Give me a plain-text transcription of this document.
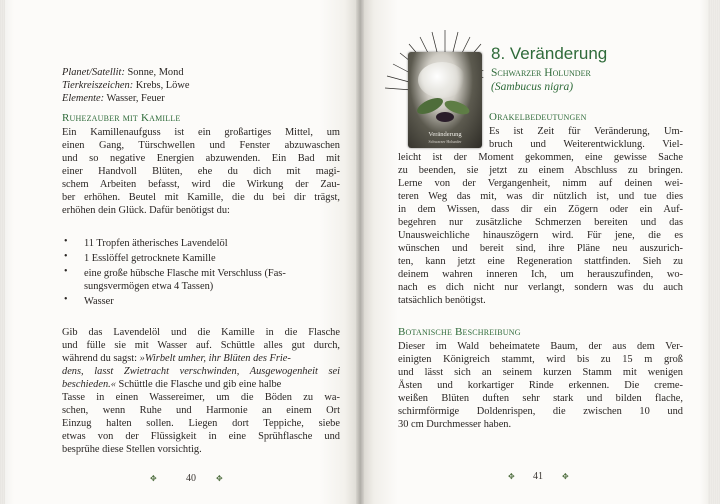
Planet/Satellit: Sonne, Mond
Tierkreiszeichen: Krebs, Löwe
Elemente: Wasser, Feuer
Ruhezauber mit Kamille
Ein Kamillenaufguss ist ein großartiges Mittel, um
einen Gang, Türschwellen und Fenster abzuwaschen
und so negative Energien abzuwenden. Ein Bad mit
einer Handvoll Blüten, ehe du dich mit magi-
schem Arbeiten befasst, wird die Wirkung der Zau-
ber erhöhen. Beutel mit Kamille, die du bei dir trägst,
erhöhen dein Glück. Dafür benötigst du:
• 11 Tropfen ätherisches Lavendelöl
• 1 Esslöffel getrocknete Kamille
• eine große hübsche Flasche mit Verschluss (Fas-
sungsvermögen etwa 4 Tassen)
• Wasser
Gib das Lavendelöl und die Kamille in die Flasche
und fülle sie mit Wasser auf. Schüttle alles gut durch,
während du sagst: »Wirbelt umher, ihr Blüten des Frie-
dens, lasst Zwietracht verschwinden, Ausgewogenheit sei
beschieden.« Schüttle die Flasche und gib eine halbe
Tasse in einen Wassereimer, um die Böden zu wa-
schen, wenn Ruhe und Harmonie an einem Ort
Einzug halten sollen. Liegen dort Teppiche, siebe
etwas von der Flüssigkeit in eine Sprühflasche und
besprühe diese Stellen vorsichtig.
✥	40	✥
Veränderung
Schwarzer Holunder
8. Veränderung
Schwarzer Holunder
(Sambucus nigra)
Orakelbedeutungen
Es ist Zeit für Veränderung, Um-
bruch und Weiterentwicklung. Viel-
leicht ist der Moment gekommen, eine gewisse Sache
zu beenden, sie jetzt zu einem Abschluss zu bringen.
Lerne von der Vergangenheit, nimm auf deinen wei-
teren Weg das mit, was dir nützlich ist, und tue dies
in dem Wissen, dass dir ein Zögern oder ein Auf-
begehren nur zusätzliche Schmerzen bereiten und das
Unausweichliche hinauszögern wird. Für jene, die es
wünschen und bereit sind, ihre Pläne neu auszurich-
ten, kann jetzt eine Regeneration stattfinden. Sieh zu
deinem wahren inneren Ich, um herauszufinden, wo-
nach es dich nicht nur verlangt, sondern was du auch
tatsächlich benötigst.
Botanische Beschreibung
Dieser im Wald beheimatete Baum, der aus dem Ver-
einigten Königreich stammt, wird bis zu 15 m groß
und lässt sich an seinem kurzen Stamm mit wenigen
Ästen und korkartiger Rinde erkennen. Die creme-
weißen Blüten duften sehr stark und bilden flache,
schirmförmige Doldenrispen, die zwischen 10 und
30 cm Durchmesser haben.
✥ 41 ✥
